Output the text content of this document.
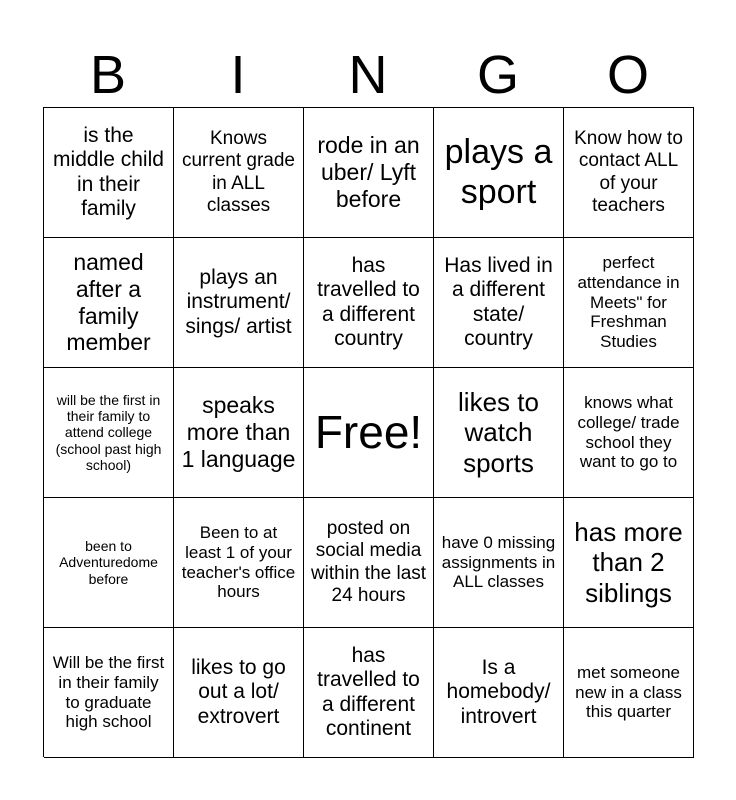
B	I	N	G	O
is the middle child in their family
Knows current grade in ALL classes
rode in an uber/ Lyft before
plays a sport
Know how to contact ALL of your teachers
named after a family member
plays an instrument/ sings/ artist
has travelled to a different country
Has lived in a different state/ country
perfect attendance in Meets" for Freshman Studies
will be the first in their family to attend college (school past high school)
speaks more than 1 language
Free!
likes to watch sports
knows what college/ trade school they want to go to
been to Adventuredome before
Been to at least 1 of your teacher's office hours
posted on social media within the last 24 hours
have 0 missing assignments in ALL classes
has more than 2 siblings
Will be the first in their family to graduate high school
likes to go out a lot/ extrovert
has travelled to a different continent
Is a homebody/ introvert
met someone new in a class this quarter
